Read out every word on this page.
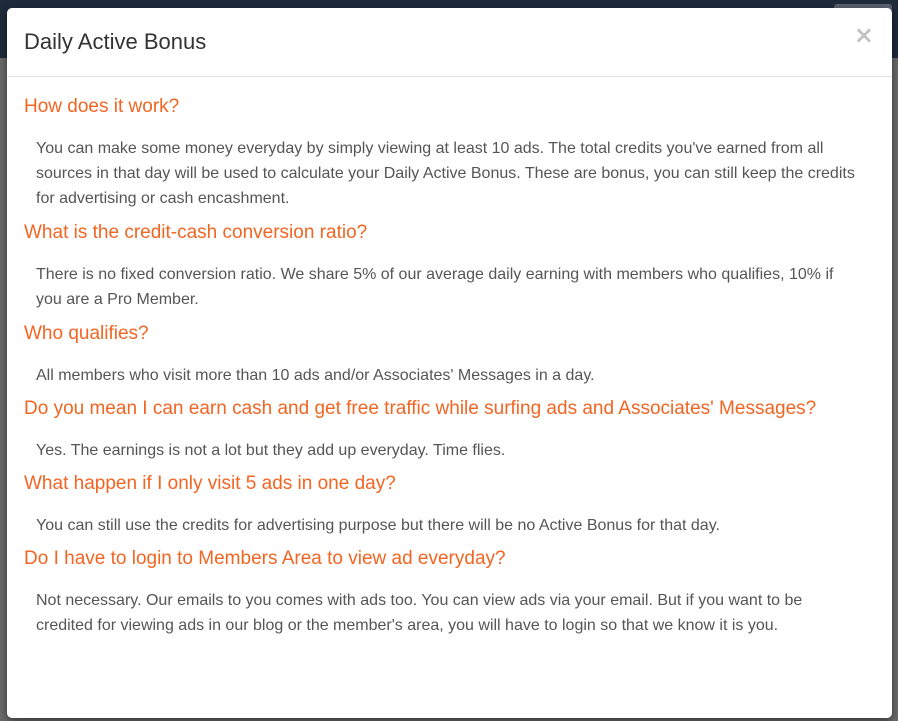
Daily Active Bonus	×
How does it work?

You can make some money everyday by simply viewing at least 10 ads. The total credits you've earned from all sources in that day will be used to calculate your Daily Active Bonus. These are bonus, you can still keep the credits for advertising or cash encashment.

What is the credit-cash conversion ratio?

There is no fixed conversion ratio. We share 5% of our average daily earning with members who qualifies, 10% if you are a Pro Member.

Who qualifies?

All members who visit more than 10 ads and/or Associates' Messages in a day.

Do you mean I can earn cash and get free traffic while surfing ads and Associates' Messages?

Yes. The earnings is not a lot but they add up everyday. Time flies.

What happen if I only visit 5 ads in one day?

You can still use the credits for advertising purpose but there will be no Active Bonus for that day.

Do I have to login to Members Area to view ad everyday?

Not necessary. Our emails to you comes with ads too. You can view ads via your email. But if you want to be credited for viewing ads in our blog or the member's area, you will have to login so that we know it is you.
